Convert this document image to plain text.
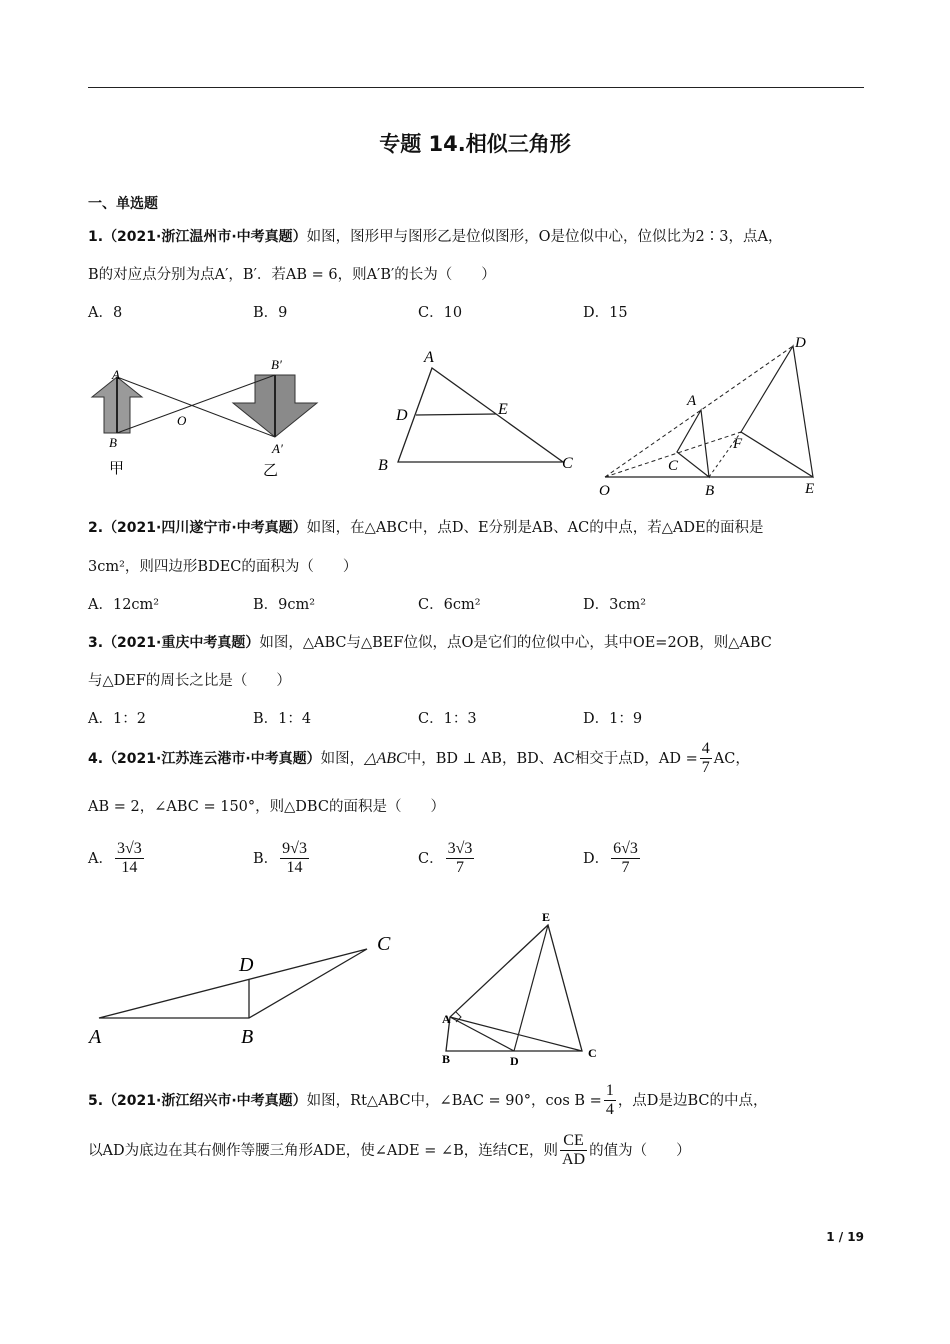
专题 14.相似三角形
一、单选题
1.（2021·浙江温州市·中考真题）如图，图形甲与图形乙是位似图形，O是位似中心，位似比为2∶3，点A，
B的对应点分别为点A′，B′．若AB = 6，则A′B′的长为（　　）
A．8	B．9	C．10	D．15
A
B
O
B′
A′
甲	乙
A
D	E
B	C
D
A
F
C
O	B	E
2.（2021·四川遂宁市·中考真题）如图，在△ABC中，点D、E分别是AB、AC的中点，若△ADE的面积是
3cm²，则四边形BDEC的面积为（　　）
A．12cm²	B．9cm²	C．6cm²	D．3cm²
3.（2021·重庆中考真题）如图，△ABC与△BEF位似，点O是它们的位似中心，其中OE=2OB，则△ABC
与△DEF的周长之比是（　　）
A．1：2	B．1：4	C．1：3	D．1：9
4.（2021·江苏连云港市·中考真题）如图，△ABC中，BD ⊥ AB，BD、AC相交于点D，AD = $\frac{4}{7}$ AC，
AB = 2，∠ABC = 150°，则△DBC的面积是（　　）
A． $\frac{3√3}{14}$	B． $\frac{9√3}{14}$	C． $\frac{3√3}{7}$	D． $\frac{6√3}{7}$
C
D
A	B
E
A
B	D
C
5.（2021·浙江绍兴市·中考真题）如图，Rt△ABC中，∠BAC = 90°，$\cos B = \frac{1}{4}$ ，点D是边BC的中点，
以AD为底边在其右侧作等腰三角形ADE，使∠ADE = ∠B，连结CE，则 $\frac{CE}{AD}$ 的值为（　　）
1 / 19
